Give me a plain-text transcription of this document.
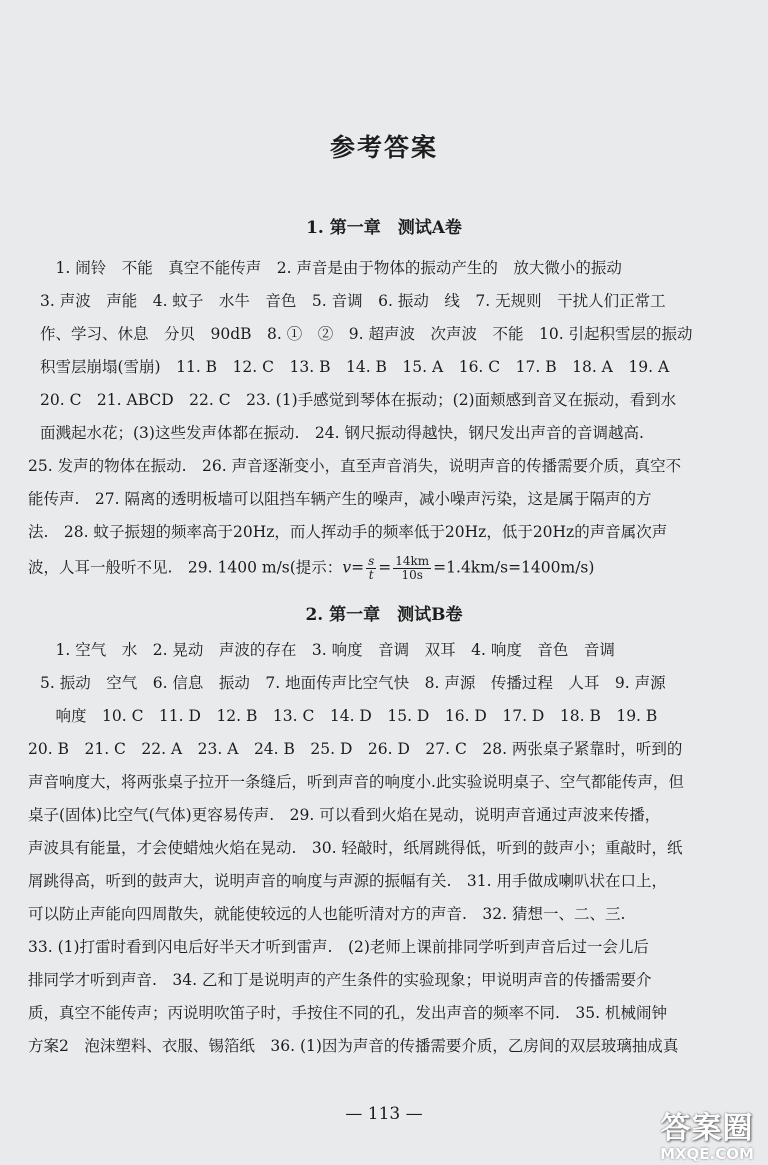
参考答案
1. 第一章　测试A卷
　1. 闹铃　不能　真空不能传声　2. 声音是由于物体的振动产生的　放大微小的振动
3. 声波　声能　4. 蚊子　水牛　音色　5. 音调　6. 振动　线　7. 无规则　干扰人们正常工
作、学习、休息　分贝　90dB　8. ①　②　9. 超声波　次声波　不能　10. 引起积雪层的振动
积雪层崩塌(雪崩)　11. B　12. C　13. B　14. B　15. A　16. C　17. B　18. A　19. A
20. C　21. ABCD　22. C　23. (1)手感觉到琴体在振动；(2)面颊感到音叉在振动，看到水
面溅起水花；(3)这些发声体都在振动.　24. 钢尺振动得越快，钢尺发出声音的音调越高.
25. 发声的物体在振动.　26. 声音逐渐变小，直至声音消失，说明声音的传播需要介质，真空不
能传声.　27. 隔离的透明板墙可以阻挡车辆产生的噪声，减小噪声污染，这是属于隔声的方
法.　28. 蚊子振翅的频率高于20Hz，而人挥动手的频率低于20Hz，低于20Hz的声音属次声
波，人耳一般听不见.　29. 1400 m/s(提示：$v= \frac{s}{t} = \frac{14km}{10s} =1.4km/s=1400m/s$)
2. 第一章　测试B卷
　1. 空气　水　2. 晃动　声波的存在　3. 响度　音调　双耳　4. 响度　音色　音调
5. 振动　空气　6. 信息　振动　7. 地面传声比空气快　8. 声源　传播过程　人耳　9. 声源
　响度　10. C　11. D　12. B　13. C　14. D　15. D　16. D　17. D　18. B　19. B
20. B　21. C　22. A　23. A　24. B　25. D　26. D　27. C　28. 两张桌子紧靠时，听到的
声音响度大，将两张桌子拉开一条缝后，听到声音的响度小.此实验说明桌子、空气都能传声，但
桌子(固体)比空气(气体)更容易传声.　29. 可以看到火焰在晃动，说明声音通过声波来传播，
声波具有能量，才会使蜡烛火焰在晃动.　30. 轻敲时，纸屑跳得低，听到的鼓声小；重敲时，纸
屑跳得高，听到的鼓声大，说明声音的响度与声源的振幅有关.　31. 用手做成喇叭状在口上，
可以防止声能向四周散失，就能使较远的人也能听清对方的声音.　32. 猜想一、二、三.
33. (1)打雷时看到闪电后好半天才听到雷声.　(2)老师上课前排同学听到声音后过一会儿后
排同学才听到声音.　34. 乙和丁是说明声的产生条件的实验现象；甲说明声音的传播需要介
质，真空不能传声；丙说明吹笛子时，手按住不同的孔，发出声音的频率不同.　35. 机械闹钟
方案2　泡沫塑料、衣服、锡箔纸　36. (1)因为声音的传播需要介质，乙房间的双层玻璃抽成真
— 113 —	答案圈
MXQE.COM
